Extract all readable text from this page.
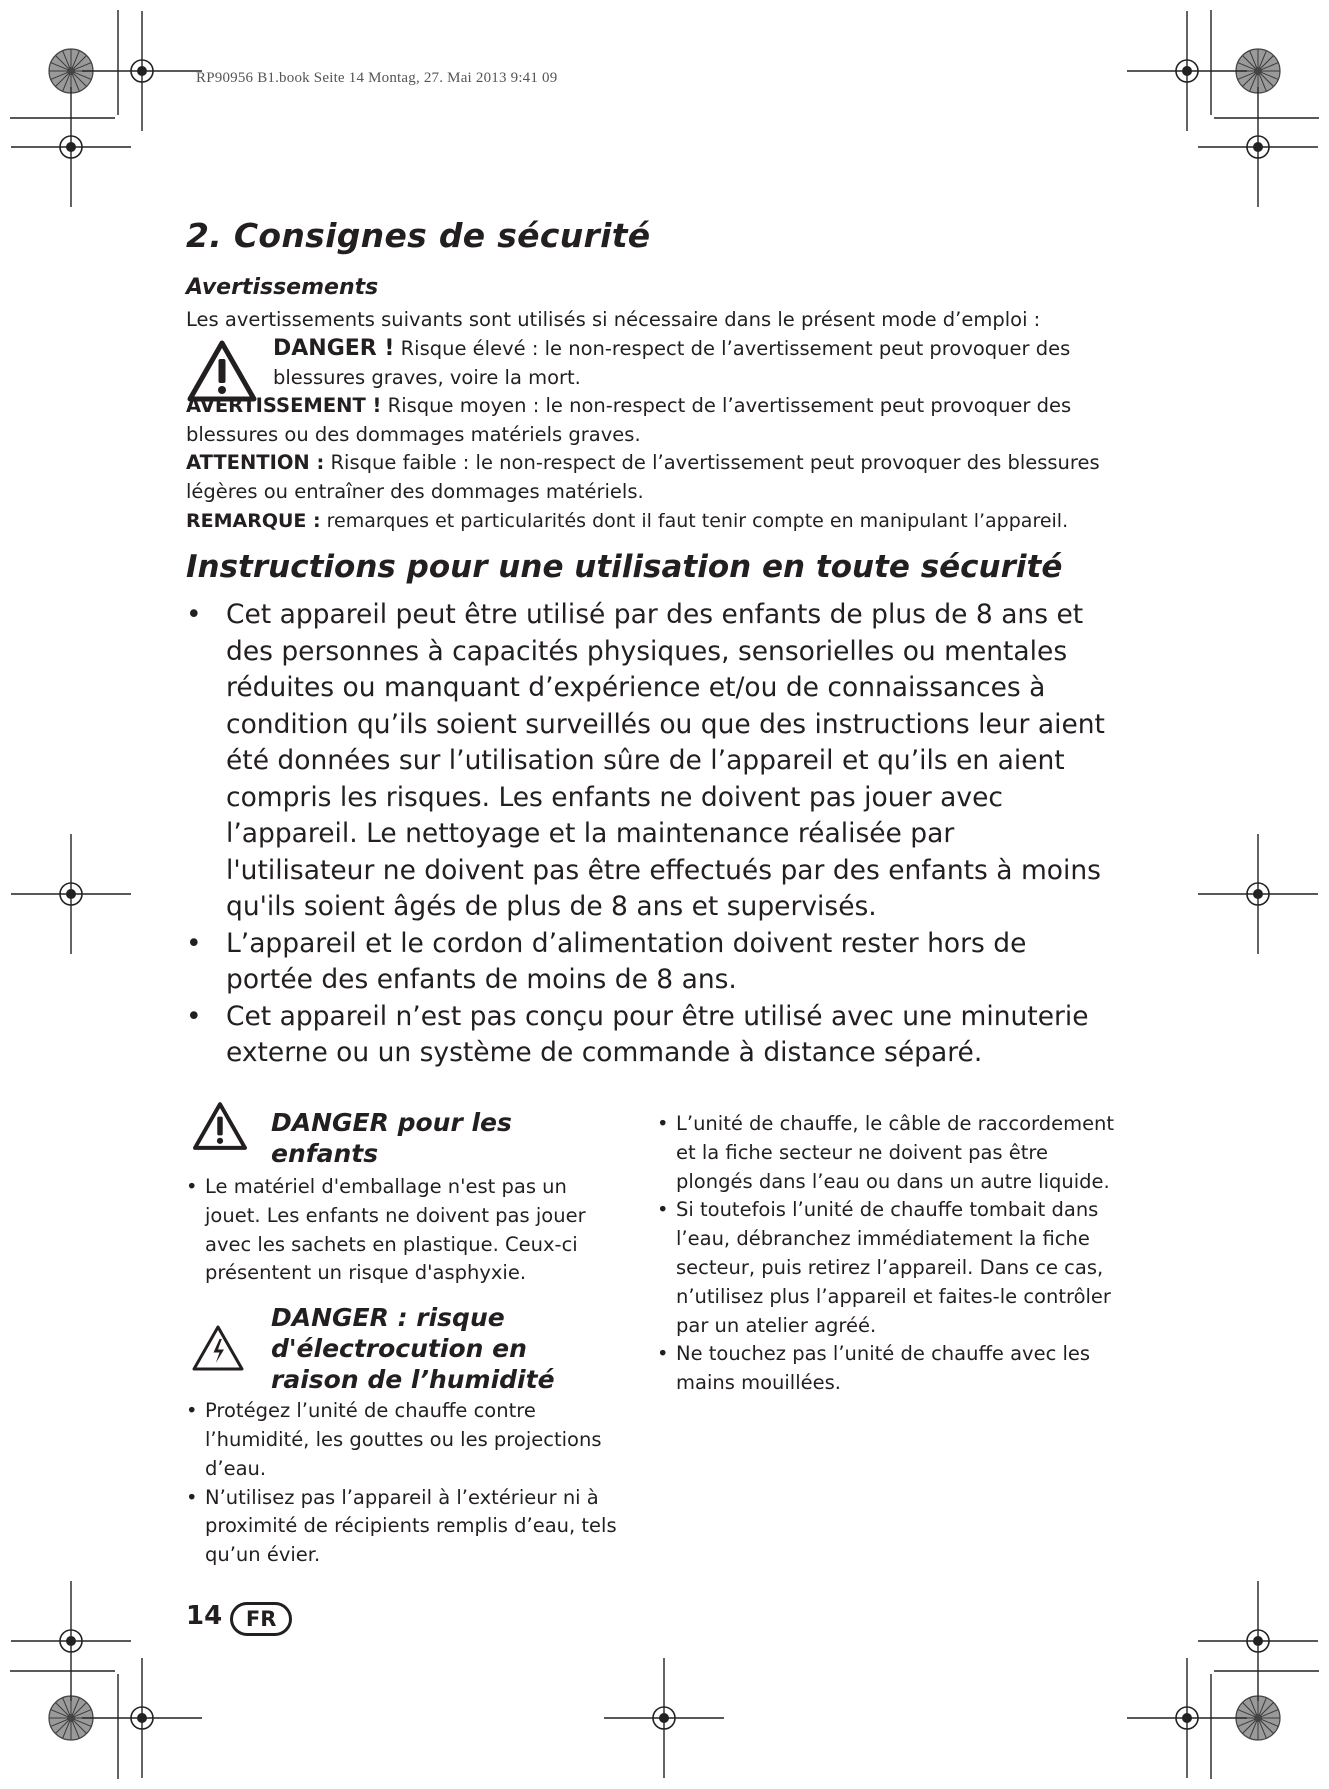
RP90956 B1.book Seite 14 Montag, 27. Mai 2013 9:41 09
2. Consignes de sécurité
Avertissements
Les avertissements suivants sont utilisés si nécessaire dans le présent mode d’emploi :
DANGER ! Risque élevé : le non-respect de l’avertissement peut provoquer des blessures graves, voire la mort.
AVERTISSEMENT ! Risque moyen : le non-respect de l’avertissement peut provoquer des blessures ou des dommages matériels graves.
ATTENTION : Risque faible : le non-respect de l’avertissement peut provoquer des blessures légères ou entraîner des dommages matériels.
REMARQUE : remarques et particularités dont il faut tenir compte en manipulant l’appareil.
Instructions pour une utilisation en toute sécurité
• Cet appareil peut être utilisé par des enfants de plus de 8 ans et des personnes à capacités physiques, sensorielles ou mentales réduites ou manquant d’expérience et/ou de connaissances à condition qu’ils soient surveillés ou que des instructions leur aient été données sur l’utilisation sûre de l’appareil et qu’ils en aient compris les risques. Les enfants ne doivent pas jouer avec l’appareil. Le nettoyage et la maintenance réalisée par l'utilisateur ne doivent pas être effectués par des enfants à moins qu'ils soient âgés de plus de 8 ans et supervisés.
• L’appareil et le cordon d’alimentation doivent rester hors de portée des enfants de moins de 8 ans.
• Cet appareil n’est pas conçu pour être utilisé avec une minuterie externe ou un système de commande à distance séparé.
DANGER pour les enfants
• Le matériel d'emballage n'est pas un jouet. Les enfants ne doivent pas jouer avec les sachets en plastique. Ceux-ci présentent un risque d'asphyxie.
DANGER : risque d'électrocution en raison de l’humidité
• Protégez l’unité de chauffe contre l’humidité, les gouttes ou les projections d’eau.
• N’utilisez pas l’appareil à l’extérieur ni à proximité de récipients remplis d’eau, tels qu’un évier.
• L’unité de chauffe, le câble de raccordement et la fiche secteur ne doivent pas être plongés dans l’eau ou dans un autre liquide.
• Si toutefois l’unité de chauffe tombait dans l’eau, débranchez immédiatement la fiche secteur, puis retirez l’appareil. Dans ce cas, n’utilisez plus l’appareil et faites-le contrôler par un atelier agréé.
• Ne touchez pas l’unité de chauffe avec les mains mouillées.
14 FR
